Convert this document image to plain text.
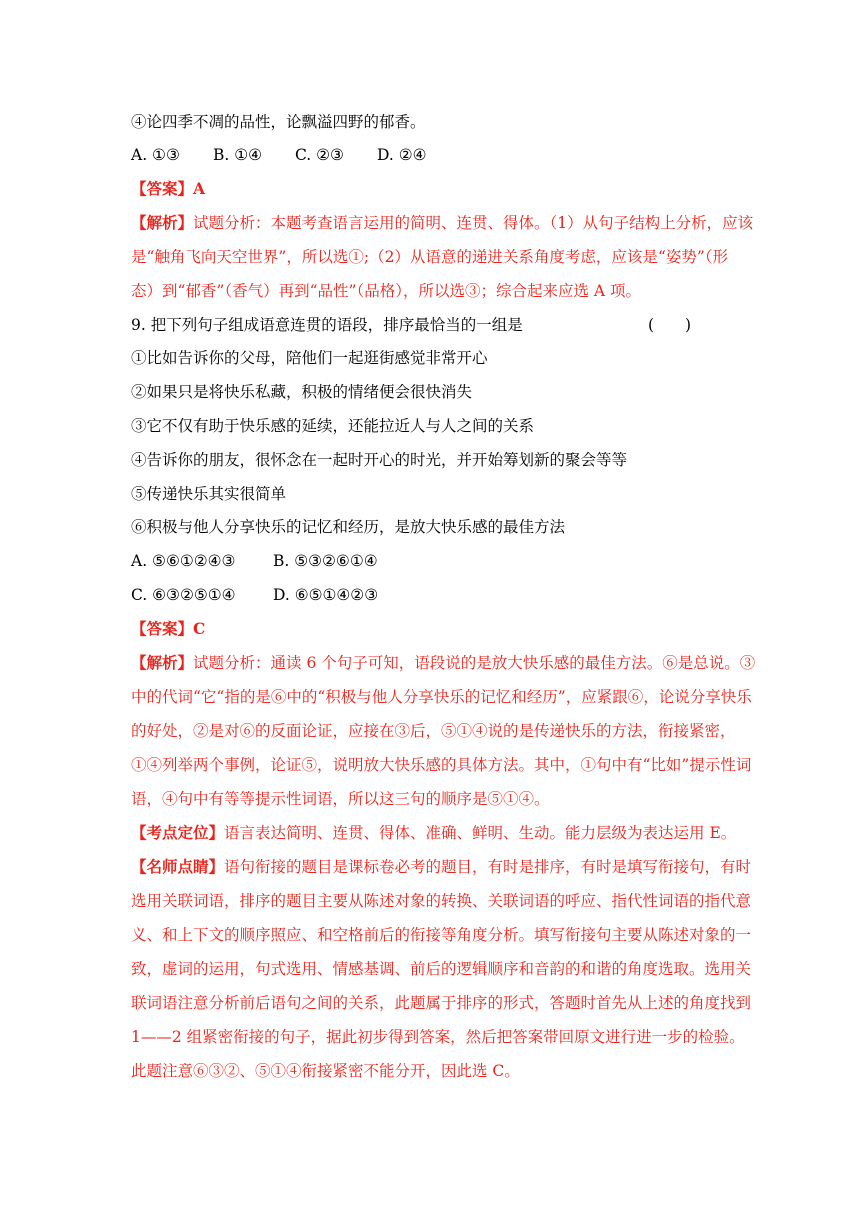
④论四季不凋的品性，论飘溢四野的郁香。
A. ①③ B. ①④ C. ②③ D. ②④
【答案】A
【解析】试题分析：本题考查语言运用的简明、连贯、得体。（1）从句子结构上分析，应该
是“触角飞向天空世界”，所以选①;（2）从语意的递进关系角度考虑，应该是“姿势”（形
态）到“郁香”（香气）再到“品性”（品格），所以选③；综合起来应选 A 项。
9. 把下列句子组成语意连贯的语段，排序最恰当的一组是	(　　)
①比如告诉你的父母，陪他们一起逛街感觉非常开心
②如果只是将快乐私藏，积极的情绪便会很快消失
③它不仅有助于快乐感的延续，还能拉近人与人之间的关系
④告诉你的朋友，很怀念在一起时开心的时光，并开始筹划新的聚会等等
⑤传递快乐其实很简单
⑥积极与他人分享快乐的记忆和经历，是放大快乐感的最佳方法
A. ⑤⑥①②④③ B. ⑤③②⑥①④
C. ⑥③②⑤①④ D. ⑥⑤①④②③
【答案】C
【解析】试题分析：通读 6 个句子可知，语段说的是放大快乐感的最佳方法。⑥是总说。③
中的代词“它“指的是⑥中的“积极与他人分享快乐的记忆和经历”，应紧跟⑥，论说分享快乐
的好处，②是对⑥的反面论证，应接在③后，⑤①④说的是传递快乐的方法，衔接紧密，
①④列举两个事例，论证⑤，说明放大快乐感的具体方法。其中，①句中有“比如”提示性词
语，④句中有等等提示性词语，所以这三句的顺序是⑤①④。
【考点定位】语言表达简明、连贯、得体、准确、鲜明、生动。能力层级为表达运用 E。
【名师点睛】语句衔接的题目是课标卷必考的题目，有时是排序，有时是填写衔接句，有时
选用关联词语，排序的题目主要从陈述对象的转换、关联词语的呼应、指代性词语的指代意
义、和上下文的顺序照应、和空格前后的衔接等角度分析。填写衔接句主要从陈述对象的一
致，虚词的运用，句式选用、情感基调、前后的逻辑顺序和音韵的和谐的角度选取。选用关
联词语注意分析前后语句之间的关系，此题属于排序的形式，答题时首先从上述的角度找到
1——2 组紧密衔接的句子，据此初步得到答案，然后把答案带回原文进行进一步的检验。
此题注意⑥③②、⑤①④衔接紧密不能分开，因此选 C。
